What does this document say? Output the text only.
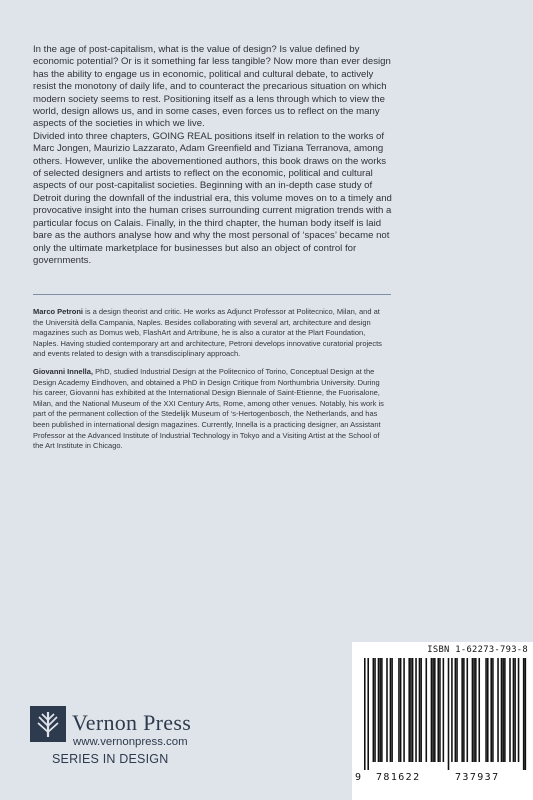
In the age of post-capitalism, what is the value of design? Is value defined by economic potential? Or is it something far less tangible? Now more than ever design has the ability to engage us in economic, political and cultural debate, to actively resist the monotony of daily life, and to counteract the precarious situation on which modern society seems to rest. Positioning itself as a lens through which to view the world, design allows us, and in some cases, even forces us to reflect on the many aspects of the societies in which we live.

Divided into three chapters, GOING REAL positions itself in relation to the works of Marc Jongen, Maurizio Lazzarato, Adam Greenfield and Tiziana Terranova, among others. However, unlike the abovementioned authors, this book draws on the works of selected designers and artists to reflect on the economic, political and cultural aspects of our post-capitalist societies. Beginning with an in-depth case study of Detroit during the downfall of the industrial era, this volume moves on to a timely and provocative insight into the human crises surrounding current migration trends with a particular focus on Calais. Finally, in the third chapter, the human body itself is laid bare as the authors analyse how and why the most personal of ‘spaces’ became not only the ultimate marketplace for businesses but also an object of control for governments.

Marco Petroni is a design theorist and critic. He works as Adjunct Professor at Politecnico, Milan, and at the Università della Campania, Naples. Besides collaborating with several art, architecture and design magazines such as Domus web, FlashArt and Artribune, he is also a curator at the Plart Foundation, Naples. Having studied contemporary art and architecture, Petroni develops innovative curatorial projects and events related to design with a transdisciplinary approach.

Giovanni Innella, PhD, studied Industrial Design at the Politecnico of Torino, Conceptual Design at the Design Academy Eindhoven, and obtained a PhD in Design Critique from Northumbria University. During his career, Giovanni has exhibited at the International Design Biennale of Saint-Etienne, the Fuorisalone, Milan, and the National Museum of the XXI Century Arts, Rome, among other venues. Notably, his work is part of the permanent collection of the Stedelijk Museum of ‘s-Hertogenbosch, the Netherlands, and has been published in international design magazines. Currently, Innella is a practicing designer, an Assistant Professor at the Advanced Institute of Industrial Technology in Tokyo and a Visiting Artist at the School of the Art Institute in Chicago.

ISBN 1-62273-793-8
9 781622	737937
Vernon Press
www.vernonpress.com
SERIES IN DESIGN
